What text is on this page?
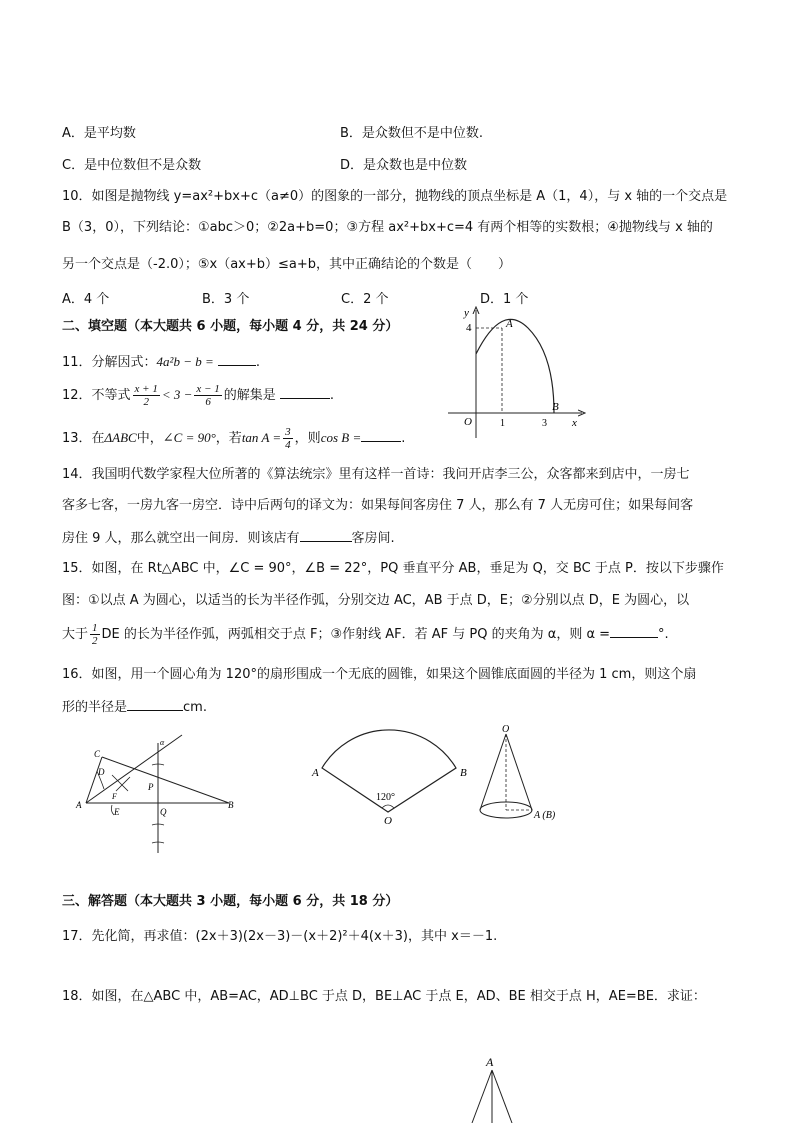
A．是平均数	B．是众数但不是中位数.
C．是中位数但不是众数	D．是众数也是中位数
10．如图是抛物线 y=ax²+bx+c（a≠0）的图象的一部分，抛物线的顶点坐标是 A（1，4），与 x 轴的一个交点是
B（3，0），下列结论：①abc＞0；②2a+b=0；③方程 ax²+bx+c=4 有两个相等的实数根；④抛物线与 x 轴的
另一个交点是（-2.0）；⑤x（ax+b）≤a+b，其中正确结论的个数是（　　）
A．4 个	B．3 个	C．2 个	D．1 个
二、填空题（本大题共 6 小题，每小题 4 分，共 24 分）
11．分解因式：4a²b − b =	.
12．不等式 $\frac{x + 1}{2} < 3 - \frac{x - 1}{6}$ 的解集是	.
13．在ΔABC中，∠C = 90°，若$\tan A = \frac{3}{4}$ ，则cos B =	.
14．我国明代数学家程大位所著的《算法统宗》里有这样一首诗：我问开店李三公，众客都来到店中，一房七
客多七客，一房九客一房空．诗中后两句的译文为：如果每间客房住 7 人，那么有 7 人无房可住；如果每间客
房住 9 人，那么就空出一间房．则该店有	客房间.
15．如图，在 Rt△ABC 中，∠C = 90°，∠B = 22°，PQ 垂直平分 AB，垂足为 Q，交 BC 于点 P．按以下步骤作
图：①以点 A 为圆心，以适当的长为半径作弧，分别交边 AC，AB 于点 D，E；②分别以点 D，E 为圆心，以
大于 $\frac{1}{2}$ DE 的长为半径作弧，两弧相交于点 F；③作射线 AF．若 AF 与 PQ 的夹角为 α，则 α =	°.
16．如图，用一个圆心角为 120°的扇形围成一个无底的圆锥，如果这个圆锥底面圆的半径为 1 cm，则这个扇
形的半径是	cm.
三、解答题（本大题共 3 小题，每小题 6 分，共 18 分）
17．先化简，再求值：(2x＋3)(2x－3)－(x＋2)²＋4(x＋3)，其中 x＝－1.
18．如图，在△ABC 中，AB=AC，AD⊥BC 于点 D，BE⊥AC 于点 E，AD、BE 相交于点 H，AE=BE．求证：
y
x
O
4	A
1	3
B
C
D
A
F
E
P
Q
B
α
A	B
O
120°
O
A (B)
A
